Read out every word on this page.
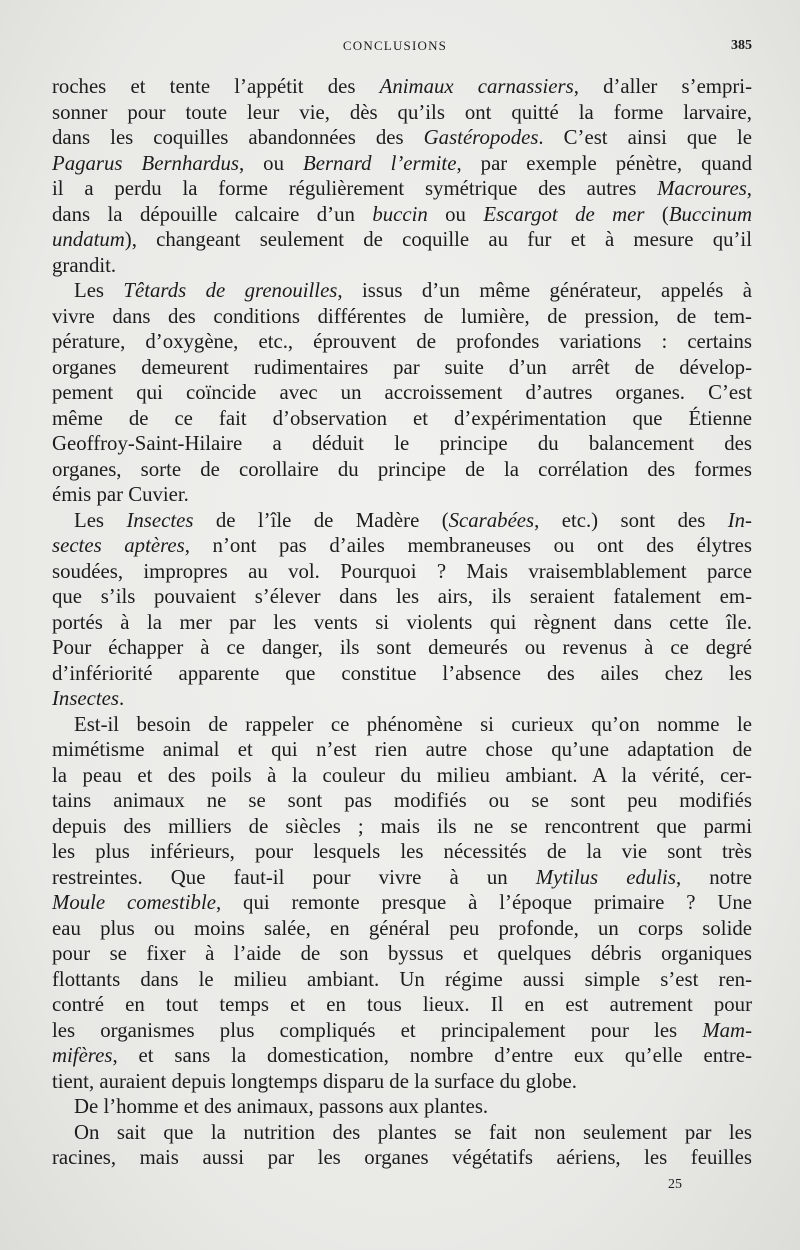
CONCLUSIONS	385
roches et tente l’appétit des Animaux carnassiers, d’aller s’empri-
sonner pour toute leur vie, dès qu’ils ont quitté la forme larvaire,
dans les coquilles abandonnées des Gastéropodes. C’est ainsi que le
Pagarus Bernhardus, ou Bernard l’ermite, par exemple pénètre, quand
il a perdu la forme régulièrement symétrique des autres Macroures,
dans la dépouille calcaire d’un buccin ou Escargot de mer (Buccinum
undatum), changeant seulement de coquille au fur et à mesure qu’il
grandit.
Les Têtards de grenouilles, issus d’un même générateur, appelés à
vivre dans des conditions différentes de lumière, de pression, de tem-
pérature, d’oxygène, etc., éprouvent de profondes variations : certains
organes demeurent rudimentaires par suite d’un arrêt de dévelop-
pement qui coïncide avec un accroissement d’autres organes. C’est
même de ce fait d’observation et d’expérimentation que Étienne
Geoffroy-Saint-Hilaire a déduit le principe du balancement des
organes, sorte de corollaire du principe de la corrélation des formes
émis par Cuvier.
Les Insectes de l’île de Madère (Scarabées, etc.) sont des In-
sectes aptères, n’ont pas d’ailes membraneuses ou ont des élytres
soudées, impropres au vol. Pourquoi ? Mais vraisemblablement parce
que s’ils pouvaient s’élever dans les airs, ils seraient fatalement em-
portés à la mer par les vents si violents qui règnent dans cette île.
Pour échapper à ce danger, ils sont demeurés ou revenus à ce degré
d’infériorité apparente que constitue l’absence des ailes chez les
Insectes.
Est-il besoin de rappeler ce phénomène si curieux qu’on nomme le
mimétisme animal et qui n’est rien autre chose qu’une adaptation de
la peau et des poils à la couleur du milieu ambiant. A la vérité, cer-
tains animaux ne se sont pas modifiés ou se sont peu modifiés
depuis des milliers de siècles ; mais ils ne se rencontrent que parmi
les plus inférieurs, pour lesquels les nécessités de la vie sont très
restreintes. Que faut-il pour vivre à un Mytilus edulis, notre
Moule comestible, qui remonte presque à l’époque primaire ? Une
eau plus ou moins salée, en général peu profonde, un corps solide
pour se fixer à l’aide de son byssus et quelques débris organiques
flottants dans le milieu ambiant. Un régime aussi simple s’est ren-
contré en tout temps et en tous lieux. Il en est autrement pour
les organismes plus compliqués et principalement pour les Mam-
mifères, et sans la domestication, nombre d’entre eux qu’elle entre-
tient, auraient depuis longtemps disparu de la surface du globe.
De l’homme et des animaux, passons aux plantes.
On sait que la nutrition des plantes se fait non seulement par les
racines, mais aussi par les organes végétatifs aériens, les feuilles
25
